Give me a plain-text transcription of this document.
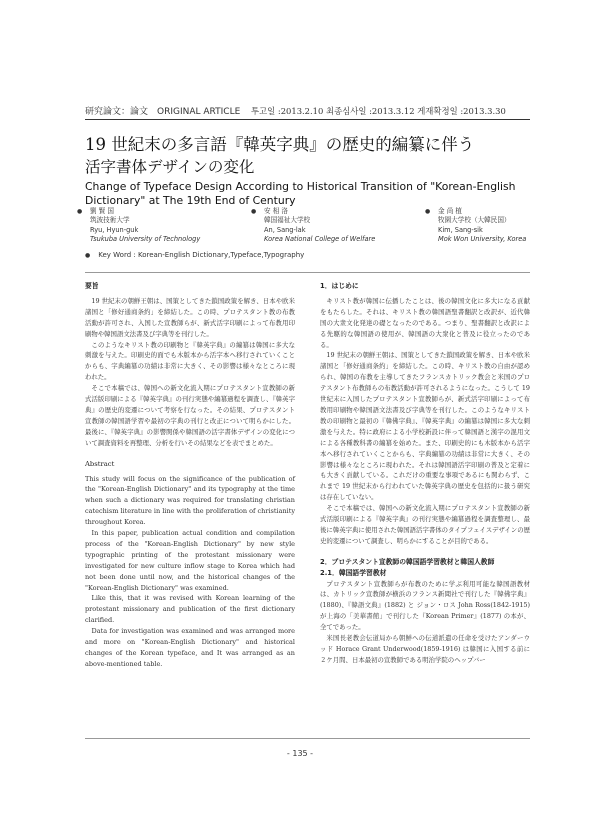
研究論文：論文　ORIGINAL ARTICLE 투고일 :2013.2.10 최종심사일 :2013.3.12 게재확정일 :2013.3.30
19 世紀末の多言語『韓英字典』の歴史的編纂に伴う
活字書体デザインの変化
Change of Typeface Design According to Historical Transition of "Korean-English Dictionary" at The 19th End of Century
● 劉 賢 国
筑波技術大学
Ryu, Hyun-guk
Tsukuba University of Technology
● 安 相 洛
韓国福祉大学校
An, Sang-lak
Korea National College of Welfare
● 金 尚 植
牧園大学校（大韓民国）
Kim, Sang-sik
Mok Won University, Korea
● Key Word : Korean-English Dictionary,Typeface,Typography

要旨

19 世紀末の朝鮮王朝は、国策としてきた鎖国政策を解き、日本や欧米諸国と「修好通商条約」を締結した。この時、プロテスタント教の布教活動が許可され、入国した宣教師らが、新式活字印刷によって布教用印刷物や韓国語文法書及び字典等を刊行した。

このようなキリスト教の印刷物と『韓英字典』の編纂は韓国に多大な刺激を与えた。印刷史的面でも木版本から活字本へ移行されていくことからも、字典編纂の功績は非常に大きく、その影響は様々なところに現われた。

そこで本稿では、韓国への新文化流入期にプロテスタント宣教師の新式活版印刷による『韓英字典』の刊行実態や編纂過程を調査し、『韓英字典』の歴史的変遷について考察を行なった。その結果、プロテスタント宣教師の韓国語学習や最初の字典の刊行と改正について明らかにした。最後に、『韓英字典』の影響関係や韓国語の活字書体デザインの変化について調査資料を再整理、分析を行いその結果などを表でまとめた。

Abstract

This study will focus on the significance of the publication of the "Korean-English Dictionary" and its typography at the time when such a dictionary was required for translating christian catechism literature in line with the proliferation of christianity throughout Korea.

In this paper, publication actual condition and compilation process of the "Korean-English Dictionary" by new style typographic printing of the protestant missionary were investigated for new culture inflow stage to Korea which had not been done until now, and the historical changes of the "Korean-English Dictionary" was examined.

Like this, that it was revised with Korean learning of the protestant missionary and publication of the first dictionary clarified.

Data for investigation was examined and was arranged more and more on "Korean-English Dictionary" and historical changes of the Korean typeface, and It was arranged as an above-mentioned table.

1．はじめに

キリスト教が韓国に伝播したことは、後の韓国文化に多大になる貢献をもたらした。それは、キリスト教の韓国語聖書翻訳と改訳が、近代韓国の大衆文化発達の礎となったのである。つまり、聖書翻訳と改訳による先駆的な韓国語の使用が、韓国語の大衆化と普及に役立ったのである。

19 世紀末の朝鮮王朝は、国策としてきた鎖国政策を解き、日本や欧米諸国と「修好通商条約」を締結した。この時、キリスト教の自由が認められ、韓国の布教を主導してきたフランスカトリック教会と米国のプロテスタント布教師らの布教活動が許可されるようになった。こうして 19 世紀末に入国したプロテスタント宣教師らが、新式活字印刷によって布教用印刷物や韓国語文法書及び字典等を刊行した。このようなキリスト教の印刷物と最初の『韓佛字典』、『韓英字典』の編纂は韓国に多大な刺激を与えた。特に政府による小学校新設に伴って韓国語と漢字の混用文による各種教科書の編纂を始めた。また、印刷史的にも木版本から活字本へ移行されていくことからも、字典編纂の功績は非常に大きく、その影響は様々なところに現われた。それは韓国語活字印刷の普及と定着にも大きく貢献している。これだけの重要な事項であるにも関わらず、これまで 19 世紀末から行われていた韓英字典の歴史を包括的に扱う研究は存在していない。

そこで本稿では、韓国への新文化流入期にプロテスタント宣教師の新式活版印刷による『韓英字典』の刊行実態や編纂過程を調査整理し、最後に韓英字典に使用された韓国語活字書体のタイプフェイスデザインの歴史的変遷について調査し、明らかにすることが目的である。

2．プロテスタント宣教師の韓国語学習教材と韓国人教師

2.1．韓国語学習教材

プロテスタント宣教師らが布教のために学ぶ利用可能な韓国語教材は、カトリック宣教師が横浜のフランス新聞社で刊行した『韓佛字典』(1880)、『韓語文典』(1882) と ジョン・ロス John Ross(1842-1915) が上海の「美華書館」で刊行した『Korean Primer』(1877) の本が、全てであった。

米国長老教会伝道局から朝鮮への伝道派遣の任命を受けたアンダーウッド Horace Grant Underwood(1859-1916) は韓国に入国する前に２ケ月間、日本最初の宣教師である明治学院のヘップバー

- 135 -
